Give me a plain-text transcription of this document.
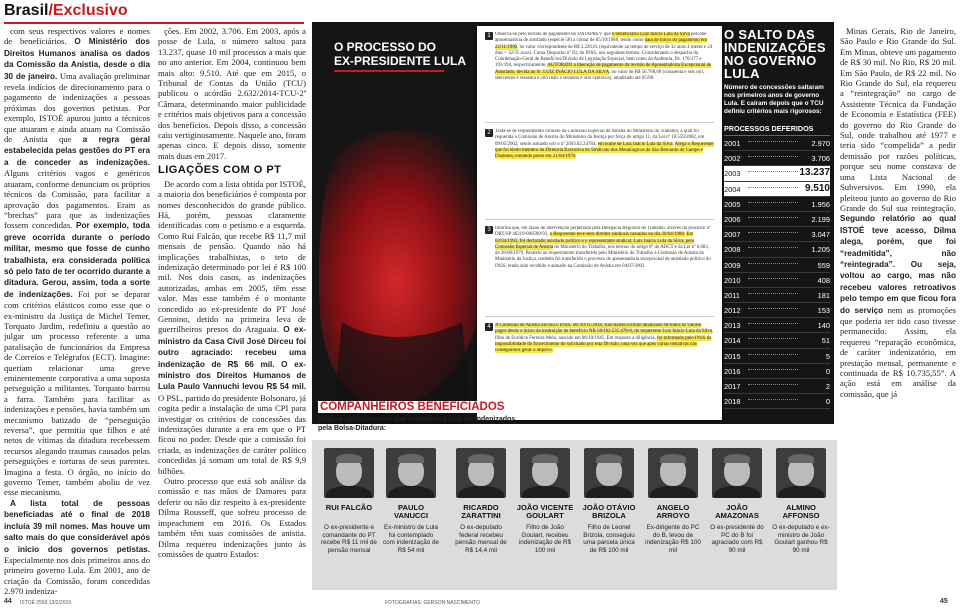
Brasil/Exclusivo

com seus respectivos valores e nomes de beneficiários. O Ministério dos Direitos Humanos analisa os dados da Comissão da Anistia, desde o dia 30 de janeiro. Uma avaliação preliminar revela indícios de direcionamento para o pagamento de indenizações a pessoas próximas dos governos petistas. Por exemplo, ISTOÉ apurou junto a técnicos que atuaram e ainda atuam na Comissão de Anistia que a regra geral estabelecida pelas gestões do PT era a de conceder as indenizações. Alguns critérios vagos e genéricos atuaram, conforme denunciam os próprios técnicos da Comissão, para facilitar a aprovação dos pagamentos. Eram as “brechas” para que as indenizações fossem concedidas. Por exemplo, toda greve ocorrida durante o período militar, mesmo que fosse de cunho trabalhista, era considerada política só pelo fato de ter ocorrido durante a ditadura. Gerou, assim, toda a sorte de indenizações. Foi por se deparar com critérios elásticos como esse que o ex-ministro da Justiça de Michel Temer, Torquato Jardim, redefiniu a questão ao julgar um processo referente a uma paralisação de funcionários da Empresa de Correios e Telégrafos (ECT). Imagine: queriam relacionar uma greve eminentemente corporativa a uma suposta perseguição a militantes. Torquato barrou a farra. Também para facilitar as indenizações e pensões, havia também um mecanismo batizado de “perseguição reversa”, que permitia que filhos e até netos de vítimas da ditadura recebessem recursos alegando traumas causados pelas perseguições e torturas de seus parentes. Imagina a festa. O órgão, no início do governo Temer, também aboliu de vez esse mecanismo.

A lista total de pessoas beneficiadas até o final de 2018 incluía 39 mil nomes. Mas houve um salto mais do que considerável após o início dos governos petistas. Especialmente nos dois primeiros anos do primeiro governo Lula. Em 2001, ano de criação da Comissão, foram concedidas 2.970 indeniza-

ções. Em 2002, 3.706. Em 2003, após a posse de Lula, o número saltou para 13.237, quase 10 mil processos a mais que no ano anterior. Em 2004, continuou bem mais alto: 9.510. Até que em 2015, o Tribunal de Contas da União (TCU) publicou o acórdão 2.632/2014-TCU-2ª Câmara, determinando maior publicidade e critérios mais objetivos para a concessão dos benefícios. Depois disso, a concessão caiu vertiginosamente. Naquele ano, foram apenas cinco. E depois disso, somente mais duas em 2017.

LIGAÇÕES COM O PT

De acordo com a lista obtida por ISTOÉ, a maioria dos beneficiários é composta por nomes desconhecidos do grande público. Há, porém, pessoas claramente identificadas com o petismo e a esquerda. Como Rui Falcão, que recebe R$ 11,7 mil mensais de pensão. Quando não há implicações trabalhistas, o teto de indenização determinado por lei é R$ 100 mil. Nos dois casos, as indenizações autorizadas, ambas em 2005, têm esse valor. Mas esse também é o montante concedido ao ex-presidente do PT José Genoino, detido na primeira leva de guerrilheiros presos do Araguaia. O ex-ministro da Casa Civil José Dirceu foi outro agraciado: recebeu uma indenização de R$ 66 mil. O ex-ministro dos Direitos Humanos de Lula Paulo Vannuchi levou R$ 54 mil. O PSL, partido do presidente Bolsonaro, já cogita pedir a instalação de uma CPI para investigar os critérios de concessões das indenizações durante a era em que o PT ficou no poder. Desde que a comissão foi criada, as indenizações de caráter político concedidas já somam um total de R$ 9,9 bilhões.

Outro processo que está sob análise da comissão e nas mãos de Damares para deferir ou não diz respeito à ex-presidente Dilma Rousseff, que sofreu processo de impeachment em 2016. Os Estados também têm suas comissões de anistia. Dilma requereu indenizações junto às comissões de quatro Estados:

Minas Gerais, Rio de Janeiro, São Paulo e Rio Grande do Sul. Em Minas, obteve um pagamento de R$ 30 mil. No Rio, R$ 20 mil. Em São Paulo, de R$ 22 mil. No Rio Grande do Sul, ela requereu a “reintegração” no cargo de Assistente Técnica da Fundação de Economia e Estatística (FEE) do governo do Rio Grande do Sul, onde trabalhou até 1977 e teria sido “compelida” a pedir demissão por razões políticas, porque seu nome constava de uma Lista Nacional de Subversivos. Em 1990, ela pleiteou junto ao governo do Rio Grande do Sul sua reintegração. Segundo relatório ao qual ISTOÉ teve acesso, Dilma alega, porém, que foi “readmitida”, não “reintegrada”. Ou seja, voltou ao cargo, mas não recebeu valores retroativos pelo tempo em que ficou fora do serviço nem as promoções que poderia ter tido caso tivesse permanecido. Assim, ela requereu “reparação econômica, de caráter indenizatório, em prestação mensal, permanente e continuada de R$ 10.735,55”. A ação está em análise da comissão, que já

O PROCESSO DO
EX-PRESIDENTE LULA
1 Observa-se pelo extrato de pagamento do DATAPREV que o beneficiário Luiz Inácio Lula da Silva percebe aposentadoria de anistiado (espécie 58) a contar de 05/10/1988, tendo como data de início do pagamento em 22/11/1996, no valor correspondente de R$ 3.226,61 (equivalente ao tempo de serviço de 32 anos 4 meses e 24 dias = 32/35 avos). Conta Despacho nº 03, do INSS, nos seguintes termos: Considerando o despacho da Coordenação-Geral de Benefícios/Divisão de Legislação Especial, bem como da Auditoria, fls. 176/177 e 193/194, respectivamente, AUTORIZO a liberação de pagamento da revisão de Aposentadoria Excepcional de Anistiado, devida ao Sr. LUIZ INÁCIO LULA DA SILVA, no valor de R$ 56.768,68 (cinquenta e seis mil, setecentos e sessenta e oito reais e sessenta e oito centavos), atualizado até 05/98.
2 Trata-se de requerimento oriundo da Comissão Especial de Anistia do Ministério do Trabalho, a qual foi requerida a Comissão de Anistia do Ministério da Justiça por força do artigo 11, da Lei nº 10.559/2002, em 09/05/2002, sendo autuado sob o nº 2003.02.24784, em nome de Luiz Inácio Lula da Silva. Alega o Requerente que foi eleito membro da Diretoria Executiva do Sindicato dos Metalúrgicos de São Bernardo do Campo e Diadema, tomando posse em 21/04/1978.
3 Informa que, em razão de intervenção perpetrada pela Delegacia Regional do Trabalho, através do processo nº DRT/SP 46219-000589/93, o Requerente teve seus direitos sindicais cassados no dia 20/04/1980. Em 02/04/1993, foi declarado anistiado político e o representante sindical, Luiz Inácio Lula da Silva, pela Comissão Especial de Anistia do Ministério do Trabalho, nos termos do artigo 8º do ADCT e da Lei nº 6.683, de 28/08/1979. Paralelo ao requerimento transferido pelo Ministério do Trabalho à Comissão de Anistia do Ministério da Justiça, também foi transferido o processo de aposentadoria excepcional de anistiado político do INSS, tendo sido recebido e autuado na Comissão de Anistia em 04/07/2003.
4 A Comissão de Anistia ofíciou o INSS, em 30/11/2018, solicitando Extrato atualizado de todos os valores pagos desde o início da instituição do benefício NB 58/102.535.478-0, do requerente Luiz Inácio Lula da Silva, filho de Eurídice Ferreira Melo, nascido em 06/10/1945. Em resposta a diligência, foi informado pelo INSS da impossibilidade do fornecimento do solicitado por esta Divisão, uma vez que após várias tentativas não conseguimos gerar o arquivo.
O SALTO DAS
INDENIZAÇÕES
NO GOVERNO LULA
Número de concessões saltaram nos primeiros anos de governo Lula. E caíram depois que o TCU definiu critérios mais rigorosos:
PROCESSOS DEFERIDOS
2001	2.970
2002	3.706
2003	13.237
2004	9.510
2005	1.956
2006	2.199
2007	3.047
2008	1.205
2009	559
2010	408
2011	181
2012	153
2013	140
2014	51
2015	5
2016	0
2017	2
2018	0
COMPANHEIROS BENEFICIADOS
Confira alguns nomes que compõem a lista de indenizados pela Bolsa-Ditadura:
RUI FALCÃO
O ex-presidente e comandante do PT recebe R$ 11 mil de pensão mensal
PAULO VANUCCI
Ex-ministro de Lula foi contemplado com indenização de R$ 54 mil
RICARDO ZARATTINI
O ex-deputado federal recebeu pensão mensal de R$ 14,4 mil
JOÃO VICENTE GOULART
Filho de João Goulart, recebeu indenização de R$ 100 mil
JOÃO OTÁVIO BRIZOLA
Filho de Leonel Brizola, conseguiu uma parcela única de R$ 100 mil
ANGELO ARROYO
Ex-dirigente do PC do B, levou de indenização R$ 100 mil
JOÃO AMAZONAS
O ex-presidente do PC do B foi agraciado com R$ 90 mil
ALMINO AFFONSO
O ex-deputado e ex-ministro de João Goulart ganhou R$ 90 mil
44 ISTOÉ 2560 13/2/2019	FOTOGRAFIAS: GERSON NASCIMENTO	45
